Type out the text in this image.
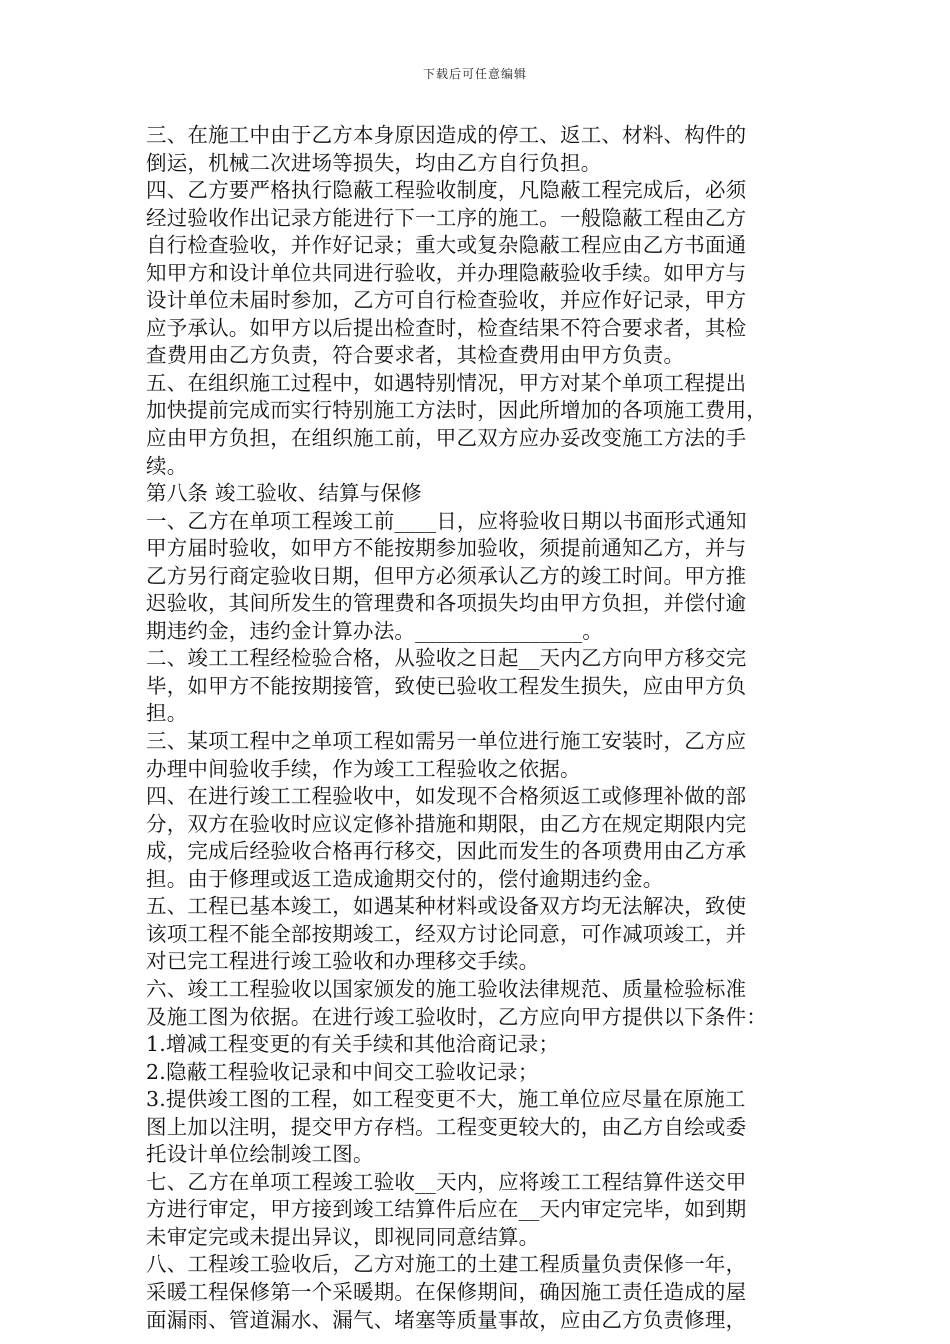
下载后可任意编辑
三、在施工中由于乙方本身原因造成的停工、返工、材料、构件的
倒运，机械二次进场等损失，均由乙方自行负担。
四、乙方要严格执行隐蔽工程验收制度，凡隐蔽工程完成后，必须
经过验收作出记录方能进行下一工序的施工。一般隐蔽工程由乙方
自行检查验收，并作好记录；重大或复杂隐蔽工程应由乙方书面通
知甲方和设计单位共同进行验收，并办理隐蔽验收手续。如甲方与
设计单位未届时参加，乙方可自行检查验收，并应作好记录，甲方
应予承认。如甲方以后提出检查时，检查结果不符合要求者，其检
查费用由乙方负责，符合要求者，其检查费用由甲方负责。
五、在组织施工过程中，如遇特别情况，甲方对某个单项工程提出
加快提前完成而实行特别施工方法时，因此所增加的各项施工费用，
应由甲方负担，在组织施工前，甲乙双方应办妥改变施工方法的手
续。
第八条 竣工验收、结算与保修
一、乙方在单项工程竣工前____日，应将验收日期以书面形式通知
甲方届时验收，如甲方不能按期参加验收，须提前通知乙方，并与
乙方另行商定验收日期，但甲方必须承认乙方的竣工时间。甲方推
迟验收，其间所发生的管理费和各项损失均由甲方负担，并偿付逾
期违约金，违约金计算办法。________________。
二、竣工工程经检验合格，从验收之日起__天内乙方向甲方移交完
毕，如甲方不能按期接管，致使已验收工程发生损失，应由甲方负
担。
三、某项工程中之单项工程如需另一单位进行施工安装时，乙方应
办理中间验收手续，作为竣工工程验收之依据。
四、在进行竣工工程验收中，如发现不合格须返工或修理补做的部
分，双方在验收时应议定修补措施和期限，由乙方在规定期限内完
成，完成后经验收合格再行移交，因此而发生的各项费用由乙方承
担。由于修理或返工造成逾期交付的，偿付逾期违约金。
五、工程已基本竣工，如遇某种材料或设备双方均无法解决，致使
该项工程不能全部按期竣工，经双方讨论同意，可作减项竣工，并
对已完工程进行竣工验收和办理移交手续。
六、竣工工程验收以国家颁发的施工验收法律规范、质量检验标准
及施工图为依据。在进行竣工验收时，乙方应向甲方提供以下条件：
1.增减工程变更的有关手续和其他洽商记录；
2.隐蔽工程验收记录和中间交工验收记录；
3.提供竣工图的工程，如工程变更不大，施工单位应尽量在原施工
图上加以注明，提交甲方存档。工程变更较大的，由乙方自绘或委
托设计单位绘制竣工图。
七、乙方在单项工程竣工验收__天内，应将竣工工程结算件送交甲
方进行审定，甲方接到竣工结算件后应在__天内审定完毕，如到期
未审定完或未提出异议，即视同同意结算。
八、工程竣工验收后，乙方对施工的土建工程质量负责保修一年，
采暖工程保修第一个采暖期。在保修期间，确因施工责任造成的屋
面漏雨、管道漏水、漏气、堵塞等质量事故，应由乙方负责修理，
